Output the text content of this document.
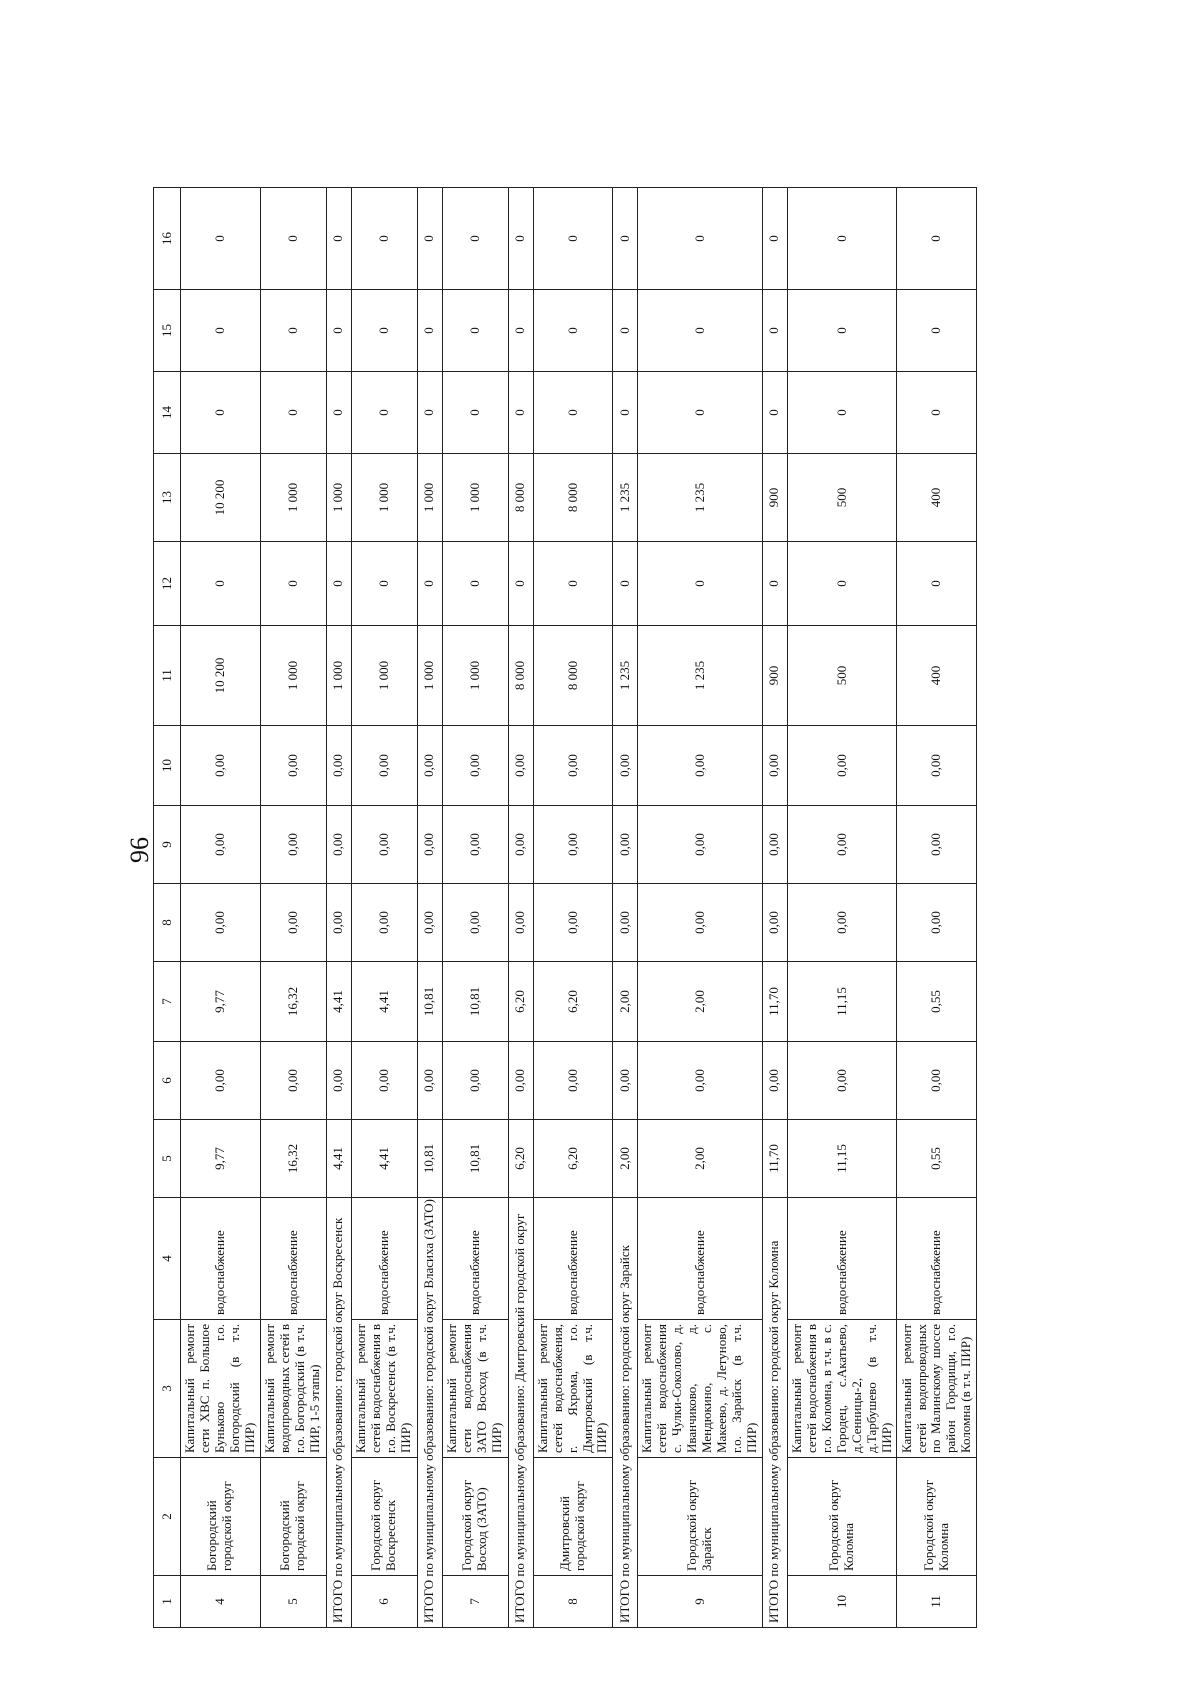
96
1	2	3	4	5	6	7	8	9	10	11	12	13	14	15	16
4	Богородский городской округ	Капитальный ремонт сети ХВС п. Большое Буньково г.о. Богородский (в т.ч. ПИР)	водоснабжение	9,77	0,00	9,77	0,00	0,00	0,00	10 200	0	10 200	0	0	0
5	Богородский городской округ	Капитальный ремонт водопроводных сетей в г.о. Богородский (в т.ч. ПИР, 1-5 этапы)	водоснабжение	16,32	0,00	16,32	0,00	0,00	0,00	1 000	0	1 000	0	0	0
ИТОГО по муниципальному образованию: городской округ Воскресенск				4,41	0,00	4,41	0,00	0,00	0,00	1 000	0	1 000	0	0	0
6	Городской округ Воскресенск	Капитальный ремонт сетей водоснабжения в г.о. Воскресенск (в т.ч. ПИР)	водоснабжение	4,41	0,00	4,41	0,00	0,00	0,00	1 000	0	1 000	0	0	0
ИТОГО по муниципальному образованию: городской округ Власиха (ЗАТО)				10,81	0,00	10,81	0,00	0,00	0,00	1 000	0	1 000	0	0	0
7	Городской округ Восход (ЗАТО)	Капитальный ремонт сети водоснабжения ЗАТО Восход (в т.ч. ПИР)	водоснабжение	10,81	0,00	10,81	0,00	0,00	0,00	1 000	0	1 000	0	0	0
ИТОГО по муниципальному образованию: Дмитровский городской округ				6,20	0,00	6,20	0,00	0,00	0,00	8 000	0	8 000	0	0	0
8	Дмитровский городской округ	Капитальный ремонт сетей водоснабжения, г. Яхрома, г.о. Дмитровский (в т.ч. ПИР)	водоснабжение	6,20	0,00	6,20	0,00	0,00	0,00	8 000	0	8 000	0	0	0
ИТОГО по муниципальному образованию: городской округ Зарайск				2,00	0,00	2,00	0,00	0,00	0,00	1 235	0	1 235	0	0	0
9	Городской округ Зарайск	Капитальный ремонт сетей водоснабжения с. Чулки-Соколово, д. Иванчиково, д. Мендюкино, с. Макеево, д. Летуново, г.о. Зарайск (в т.ч. ПИР)	водоснабжение	2,00	0,00	2,00	0,00	0,00	0,00	1 235	0	1 235	0	0	0
ИТОГО по муниципальному образованию: городской округ Коломна				11,70	0,00	11,70	0,00	0,00	0,00	900	0	900	0	0	0
10	Городской округ Коломна	Капитальный ремонт сетей водоснабжения в г.о. Коломна, в т.ч. в с. Городец, с.Акатьево, д.Сенницы-2, д.Тарбушево (в т.ч. ПИР)	водоснабжение	11,15	0,00	11,15	0,00	0,00	0,00	500	0	500	0	0	0
11	Городской округ Коломна	Капитальный ремонт сетей водопроводных по Малинскому шоссе район Городищи, г.о. Коломна (в т.ч. ПИР)	водоснабжение	0,55	0,00	0,55	0,00	0,00	0,00	400	0	400	0	0	0
